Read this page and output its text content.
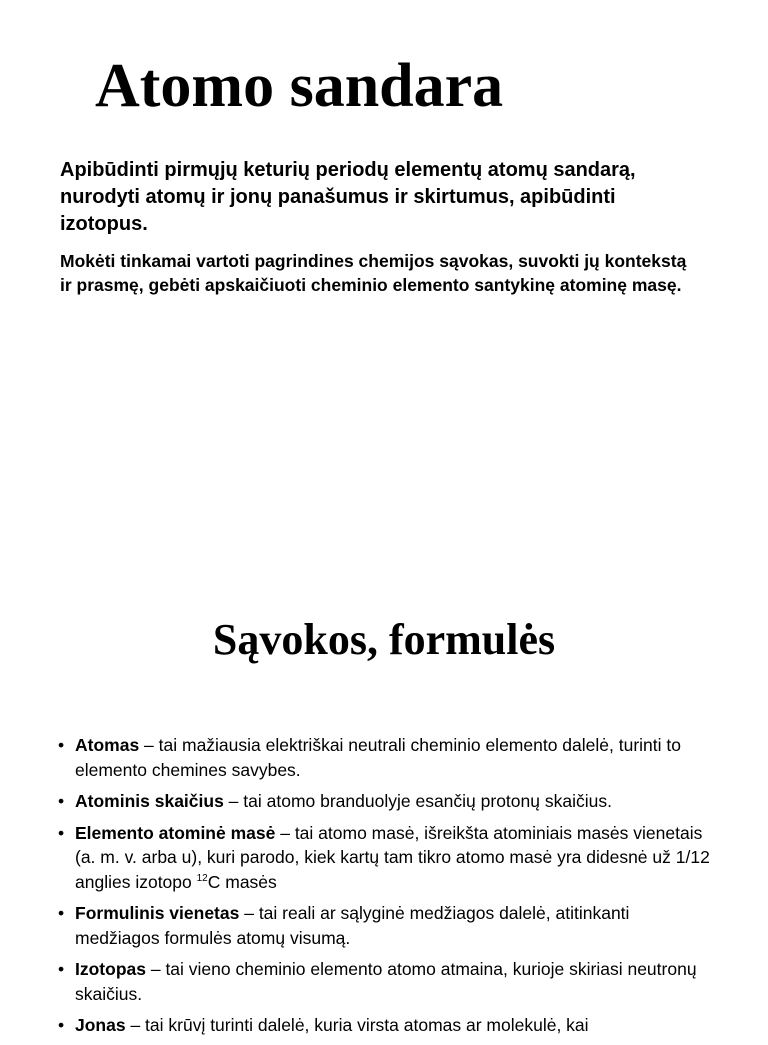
Atomo sandara

Apibūdinti pirmųjų keturių periodų elementų atomų sandarą, nurodyti atomų ir jonų panašumus ir skirtumus, apibūdinti izotopus.

Mokėti tinkamai vartoti pagrindines chemijos sąvokas, suvokti jų kontekstą ir prasmę, gebėti apskaičiuoti cheminio elemento santykinę atominę masę.

Sąvokos, formulės
• Atomas – tai mažiausia elektriškai neutrali cheminio elemento dalelė, turinti to elemento chemines savybes.
• Atominis skaičius – tai atomo branduolyje esančių protonų skaičius.
• Elemento atominė masė – tai atomo masė, išreikšta atominiais masės vienetais (a. m. v. arba u), kuri parodo, kiek kartų tam tikro atomo masė yra didesnė už 1/12 anglies izotopo $^{12}$C masės
• Formulinis vienetas – tai reali ar sąlyginė medžiagos dalelė, atitinkanti medžiagos formulės atomų visumą.
• Izotopas – tai vieno cheminio elemento atomo atmaina, kurioje skiriasi neutronų skaičius.
• Jonas – tai krūvį turinti dalelė, kuria virsta atomas ar molekulė, kai
